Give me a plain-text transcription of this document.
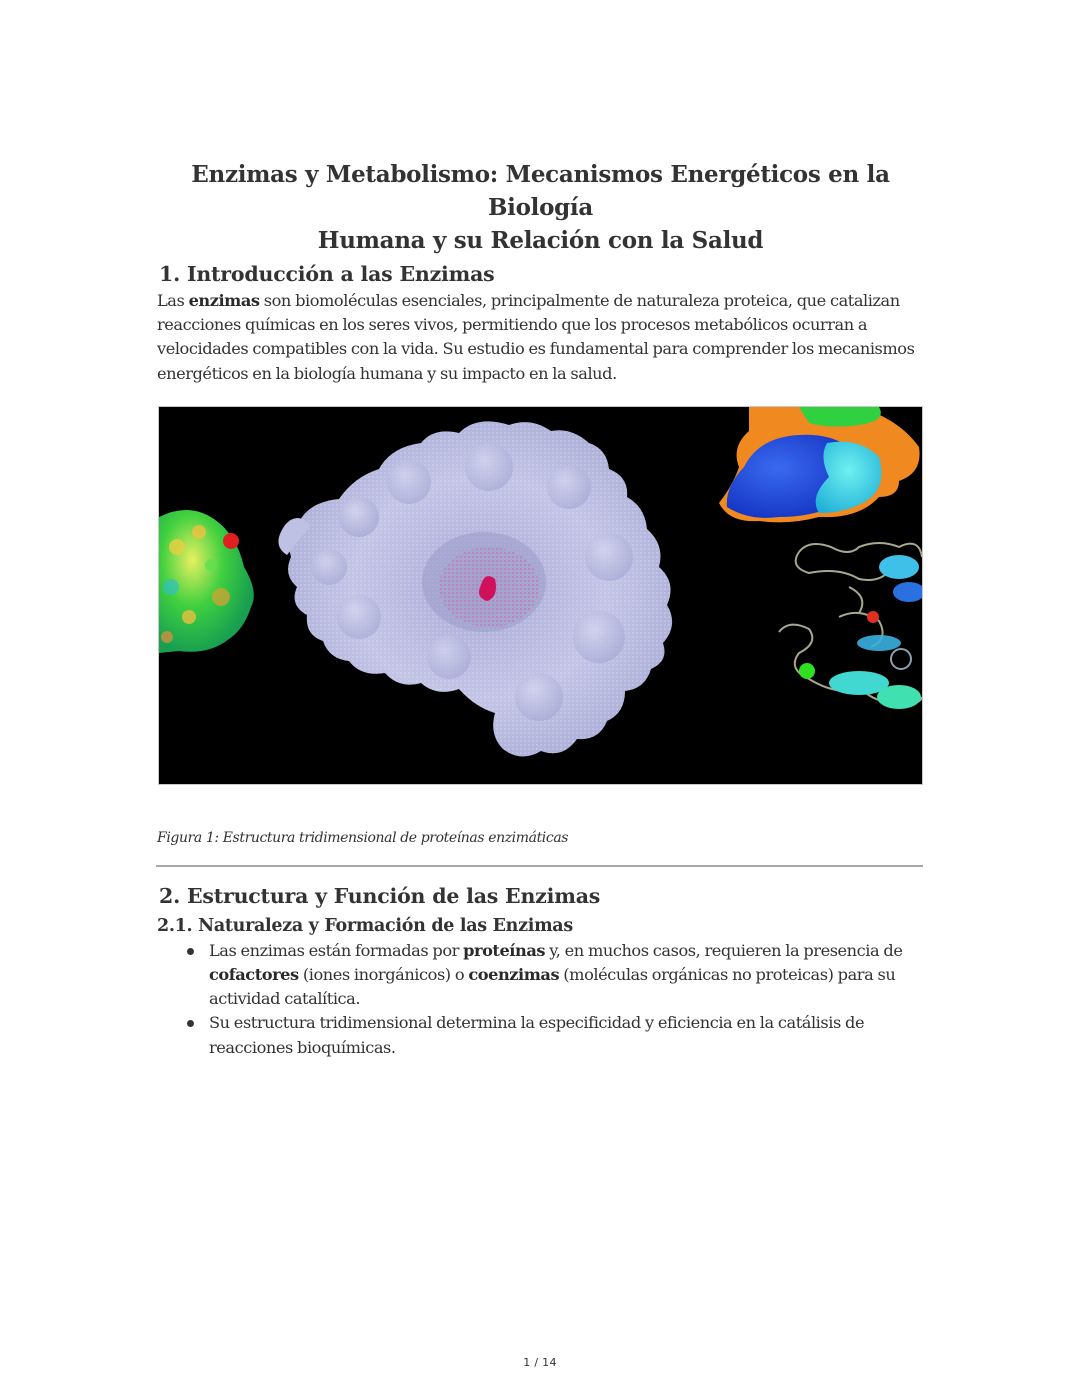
Enzimas y Metabolismo: Mecanismos Energéticos en la Biología
Humana y su Relación con la Salud
1. Introducción a las Enzimas

Las enzimas son biomoléculas esenciales, principalmente de naturaleza proteica, que catalizan reacciones químicas en los seres vivos, permitiendo que los procesos metabólicos ocurran a velocidades compatibles con la vida. Su estudio es fundamental para comprender los mecanismos energéticos en la biología humana y su impacto en la salud.

Figura 1: Estructura tridimensional de proteínas enzimáticas
2. Estructura y Función de las Enzimas
2.1. Naturaleza y Formación de las Enzimas
Las enzimas están formadas por proteínas y, en muchos casos, requieren la presencia de cofactores (iones inorgánicos) o coenzimas (moléculas orgánicas no proteicas) para su actividad catalítica.
Su estructura tridimensional determina la especificidad y eficiencia en la catálisis de reacciones bioquímicas.
1 / 14
